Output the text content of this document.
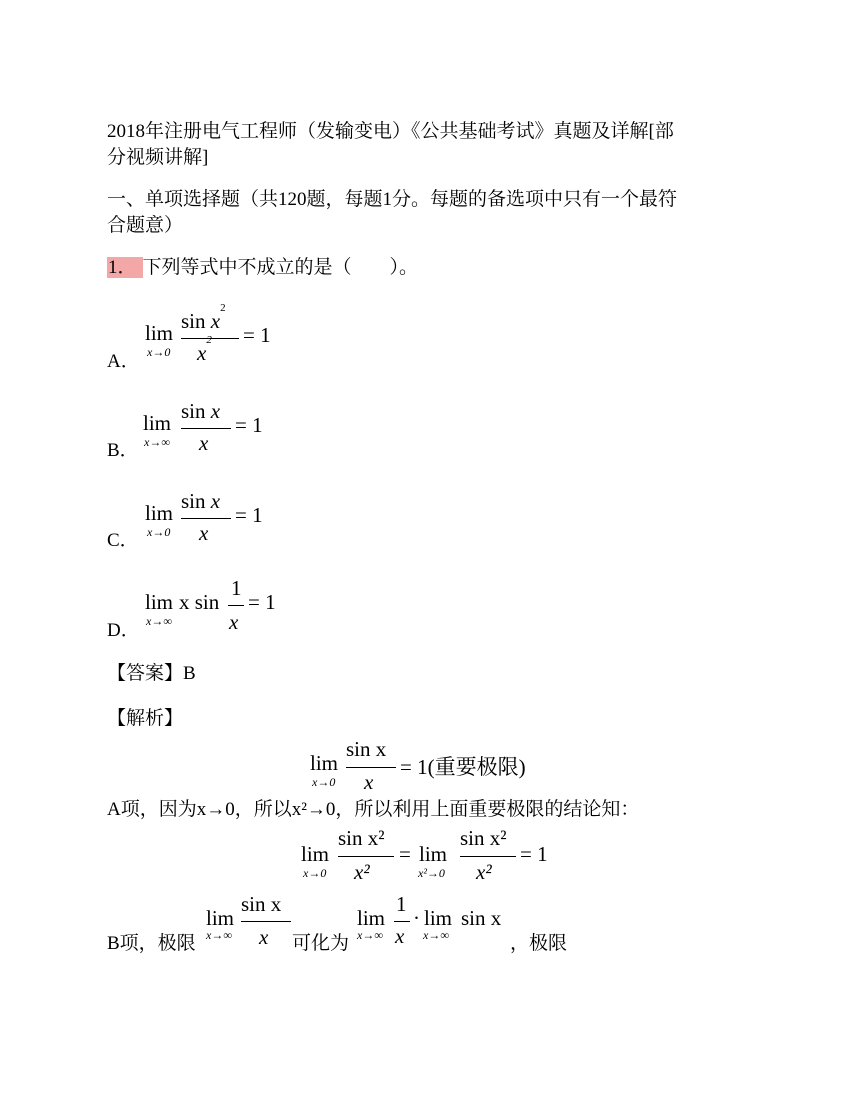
2018年注册电气工程师（发输变电）《公共基础考试》真题及详解[部
分视频讲解]
一、单项选择题（共120题，每题1分。每题的备选项中只有一个最符
合题意）
1． 下列等式中不成立的是（　　）。
A．
lim
x→0
$\sin x^2$
$x^2 = 1$
B．
lim
x→∞
sin x
x
= 1
C．
lim
x→0
sin x
x
= 1
D．
lim
x→∞
x sin
1
x
= 1
【答案】B
【解析】
lim
x→0
sin x
x
= 1(重要极限)
A项，因为x→0，所以x²→0，所以利用上面重要极限的结论知：
lim
x→0
sin x²
x²
= lim
x²→0
sin x²
x²
= 1
B项，极限
lim
x→∞
sin x
x 可化为
lim
x→∞
1
x
· lim
x→∞
sin x
，极限
